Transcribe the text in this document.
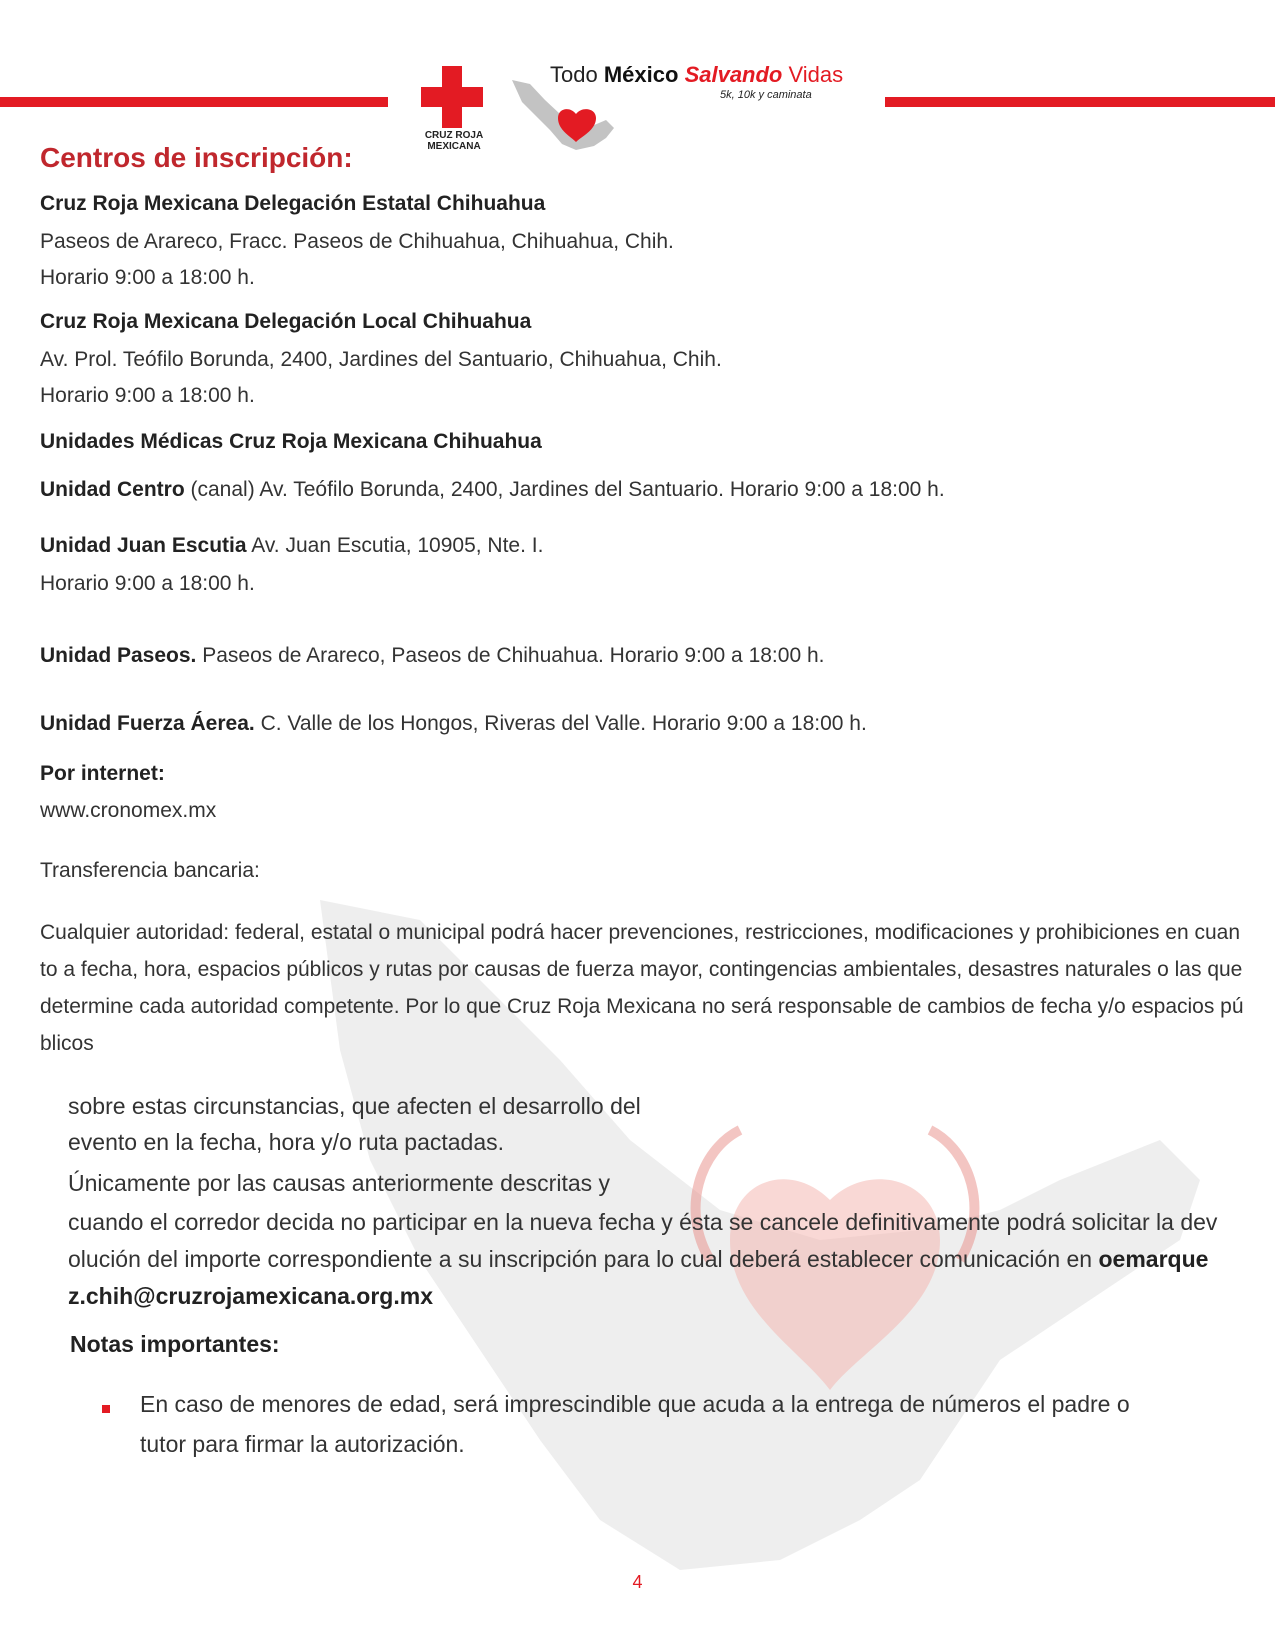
CRUZ ROJA MEXICANA
Todo México Salvando Vidas
5k, 10k y caminata
Centros de inscripción:
Cruz Roja Mexicana Delegación Estatal Chihuahua
Paseos de Arareco, Fracc. Paseos de Chihuahua, Chihuahua, Chih.
Horario 9:00 a 18:00 h.
Cruz Roja Mexicana Delegación Local Chihuahua
Av. Prol. Teófilo Borunda, 2400, Jardines del Santuario, Chihuahua, Chih.
Horario 9:00 a 18:00 h.
Unidades Médicas Cruz Roja Mexicana Chihuahua
Unidad Centro (canal) Av. Teófilo Borunda, 2400, Jardines del Santuario. Horario 9:00 a 18:00 h.
Unidad Juan Escutia Av. Juan Escutia, 10905, Nte. I.
Horario 9:00 a 18:00 h.
Unidad Paseos. Paseos de Arareco, Paseos de Chihuahua. Horario 9:00 a 18:00 h.
Unidad Fuerza Áerea. C. Valle de los Hongos, Riveras del Valle. Horario 9:00 a 18:00 h.
Por internet:
www.cronomex.mx
Transferencia bancaria:
Cualquier autoridad: federal, estatal o municipal podrá hacer prevenciones, restricciones, modificaciones y prohibiciones en cuanto a fecha, hora, espacios públicos y rutas por causas de fuerza mayor, contingencias ambientales, desastres naturales o las que determine cada autoridad competente. Por lo que Cruz Roja Mexicana no será responsable de cambios de fecha y/o espacios públicos
sobre estas circunstancias, que afecten el desarrollo del
evento en la fecha, hora y/o ruta pactadas.
Únicamente por las causas anteriormente descritas y
cuando el corredor decida no participar en la nueva fecha y ésta se cancele definitivamente podrá solicitar la devolución del importe correspondiente a su inscripción para lo cual deberá establecer comunicación en oemarquez.chih@cruzrojamexicana.org.mx
Notas importantes:
En caso de menores de edad, será imprescindible que acuda a la entrega de números el padre o tutor para firmar la autorización.
4
